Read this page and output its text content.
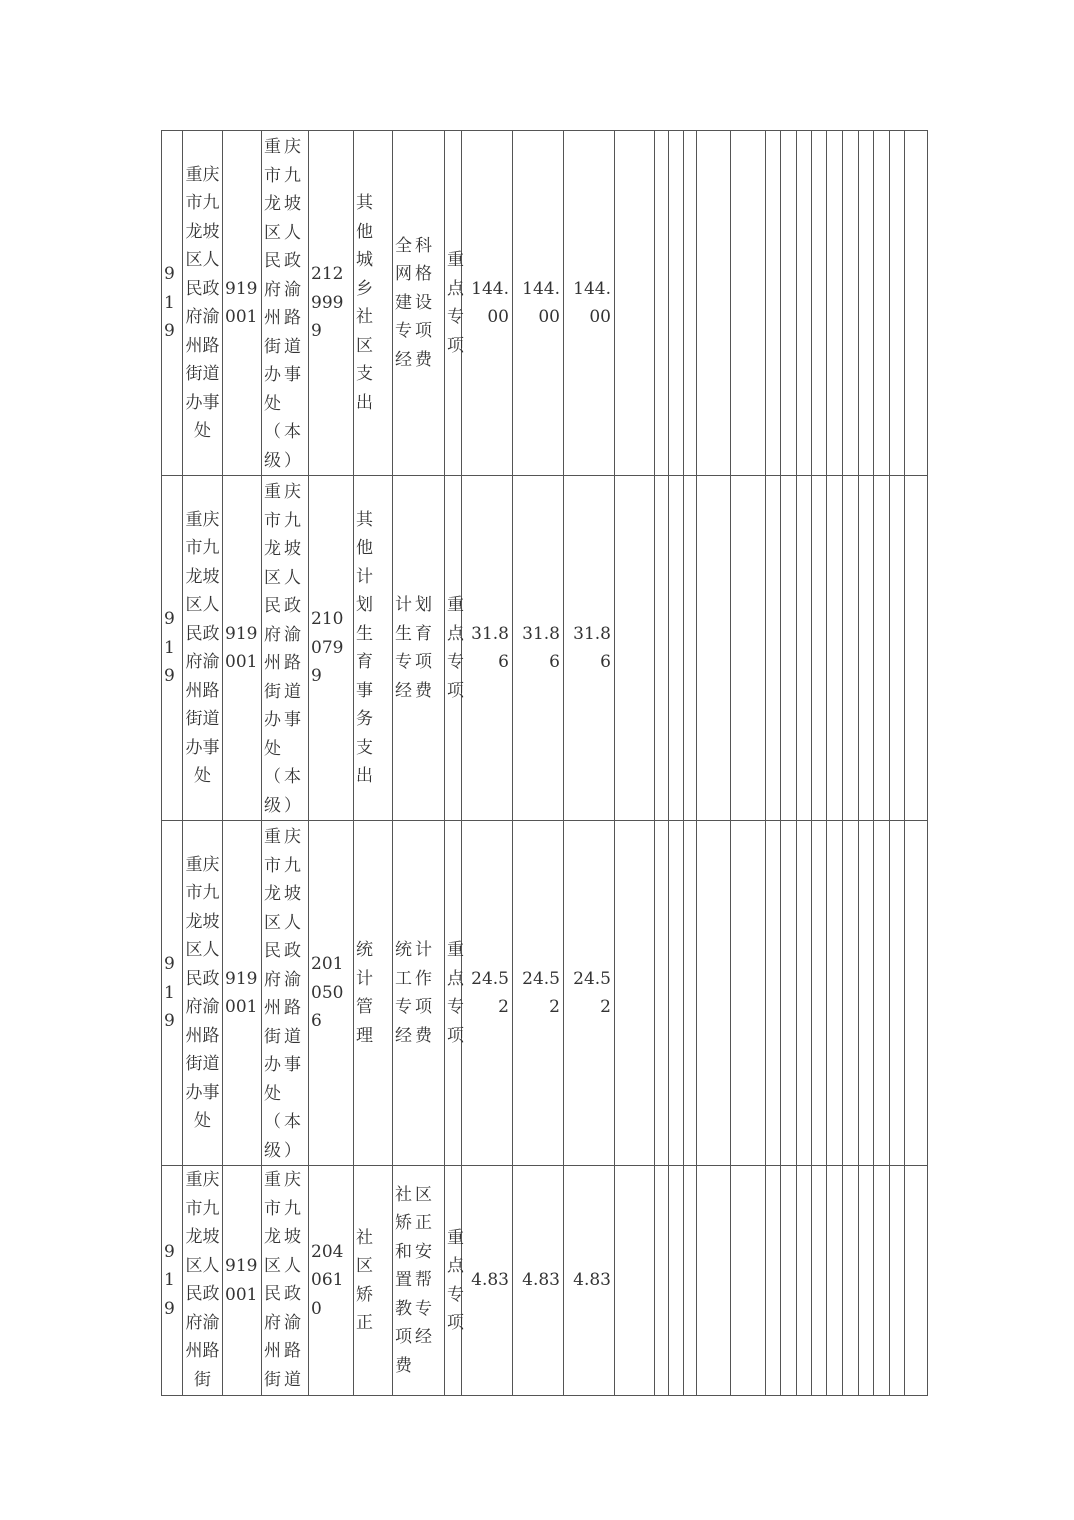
919	重庆市九龙坡区人民政府渝州路街道办事处	919001	重庆市九龙坡区人民政府渝州路街道办事处（本级）	2129999	其他城乡社区支出	全科网格建设专项经费	重点专项	144.00	144.00	144.00																
919	重庆市九龙坡区人民政府渝州路街道办事处	919001	重庆市九龙坡区人民政府渝州路街道办事处（本级）	2100799	其他计划生育事务支出	计划生育专项经费	重点专项	31.86	31.86	31.86																
919	重庆市九龙坡区人民政府渝州路街道办事处	919001	重庆市九龙坡区人民政府渝州路街道办事处（本级）	2010506	统计管理	统计工作专项经费	重点专项	24.52	24.52	24.52																
919	重庆市九龙坡区人民政府渝州路街	919001	重庆市九龙坡区人民政府渝州路街道	2040610	社区矫正	社区矫正和安置帮教专项经费	重点专项	4.83	4.83	4.83																
